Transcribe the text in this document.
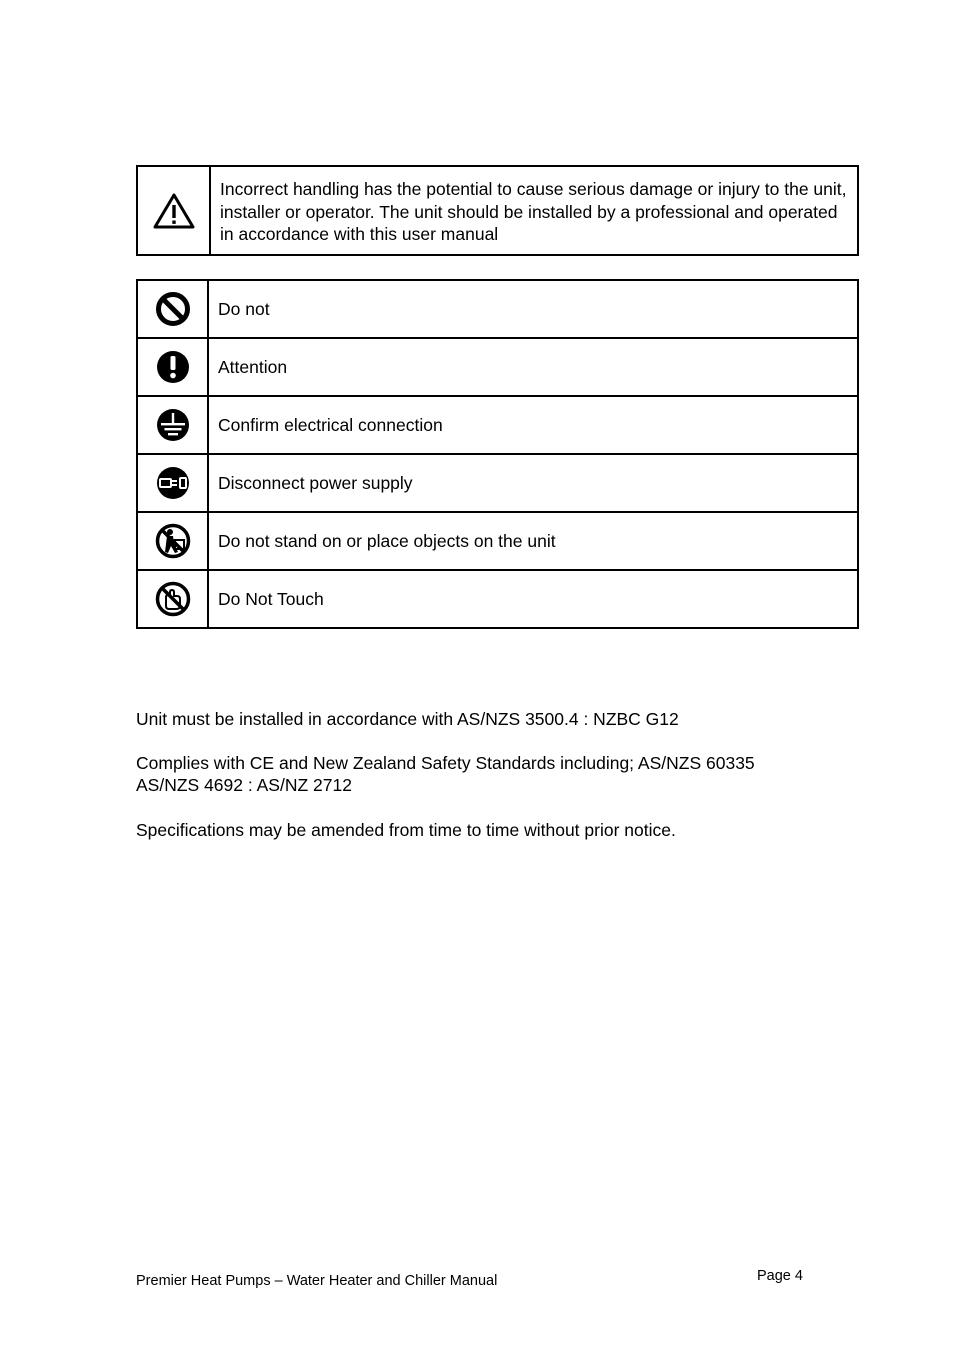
Incorrect handling has the potential to cause serious damage or injury to the unit, installer or operator. The unit should be installed by a professional and operated in accordance with this user manual
	Do not

	Attention

	Confirm electrical connection

	Disconnect power supply

	Do not stand on or place objects on the unit

	Do Not Touch

Unit must be installed in accordance with AS/NZS 3500.4 : NZBC G12

Complies with CE and New Zealand Safety Standards including; AS/NZS 60335

AS/NZS 4692 : AS/NZ 2712

Specifications may be amended from time to time without prior notice.

Premier Heat Pumps – Water Heater and Chiller Manual	Page 4
